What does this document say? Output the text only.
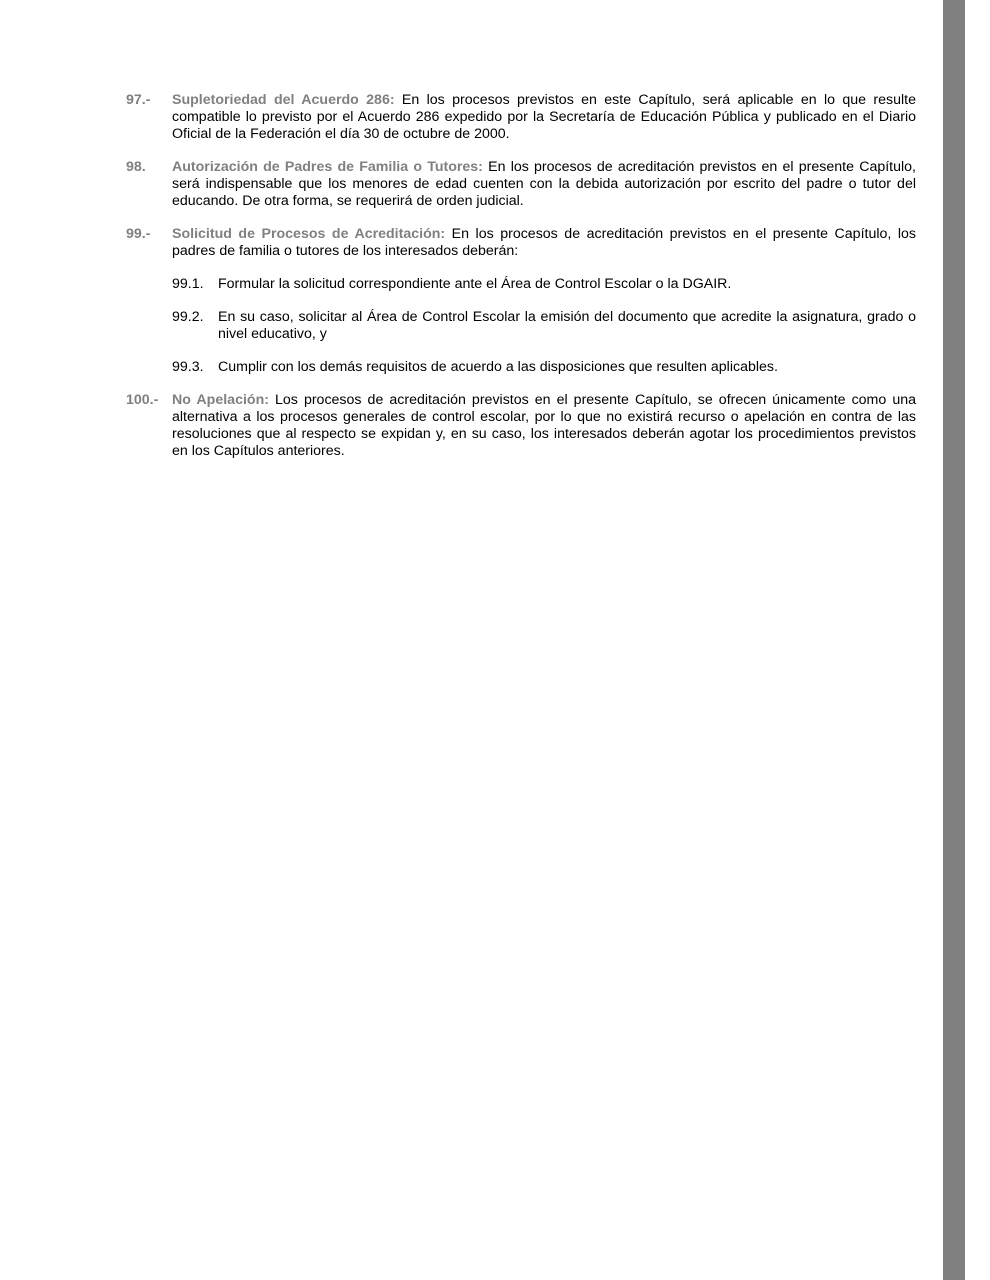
97.-	Supletoriedad del Acuerdo 286: En los procesos previstos en este Capítulo, será aplicable en lo que resulte compatible lo previsto por el Acuerdo 286 expedido por la Secretaría de Educación Pública y publicado en el Diario Oficial de la Federación el día 30 de octubre de 2000.
98.	Autorización de Padres de Familia o Tutores: En los procesos de acreditación previstos en el presente Capítulo, será indispensable que los menores de edad cuenten con la debida autorización por escrito del padre o tutor del educando. De otra forma, se requerirá de orden judicial.
99.-	Solicitud de Procesos de Acreditación: En los procesos de acreditación previstos en el presente Capítulo, los padres de familia o tutores de los interesados deberán:
99.1.	Formular la solicitud correspondiente ante el Área de Control Escolar o la DGAIR.
99.2.	En su caso, solicitar al Área de Control Escolar la emisión del documento que acredite la asignatura, grado o nivel educativo, y
99.3.	Cumplir con los demás requisitos de acuerdo a las disposiciones que resulten aplicables.
100.- No Apelación: Los procesos de acreditación previstos en el presente Capítulo, se ofrecen únicamente como una alternativa a los procesos generales de control escolar, por lo que no existirá recurso o apelación en contra de las resoluciones que al respecto se expidan y, en su caso, los interesados deberán agotar los procedimientos previstos en los Capítulos anteriores.
